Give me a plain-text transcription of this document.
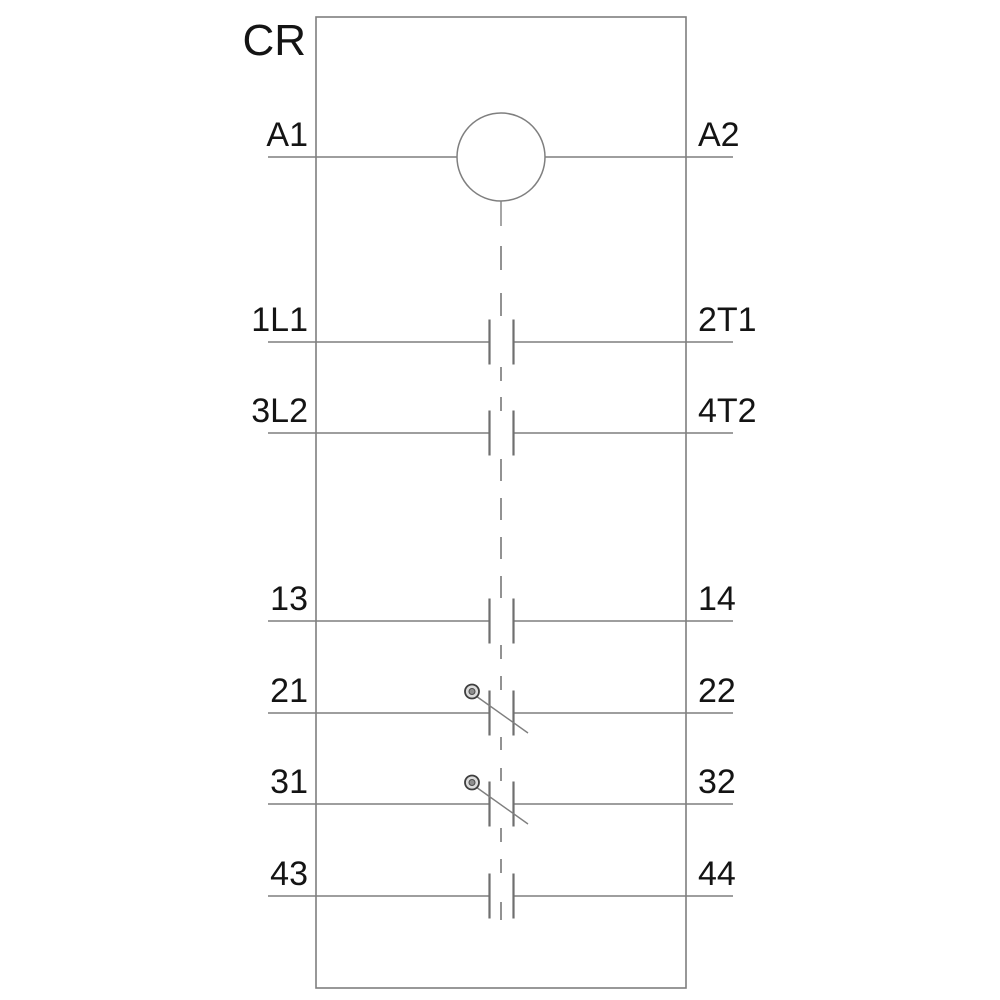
CR
A1	A2
1L1	2T1
3L2	4T2
13	14
21	22
31	32
43	44
